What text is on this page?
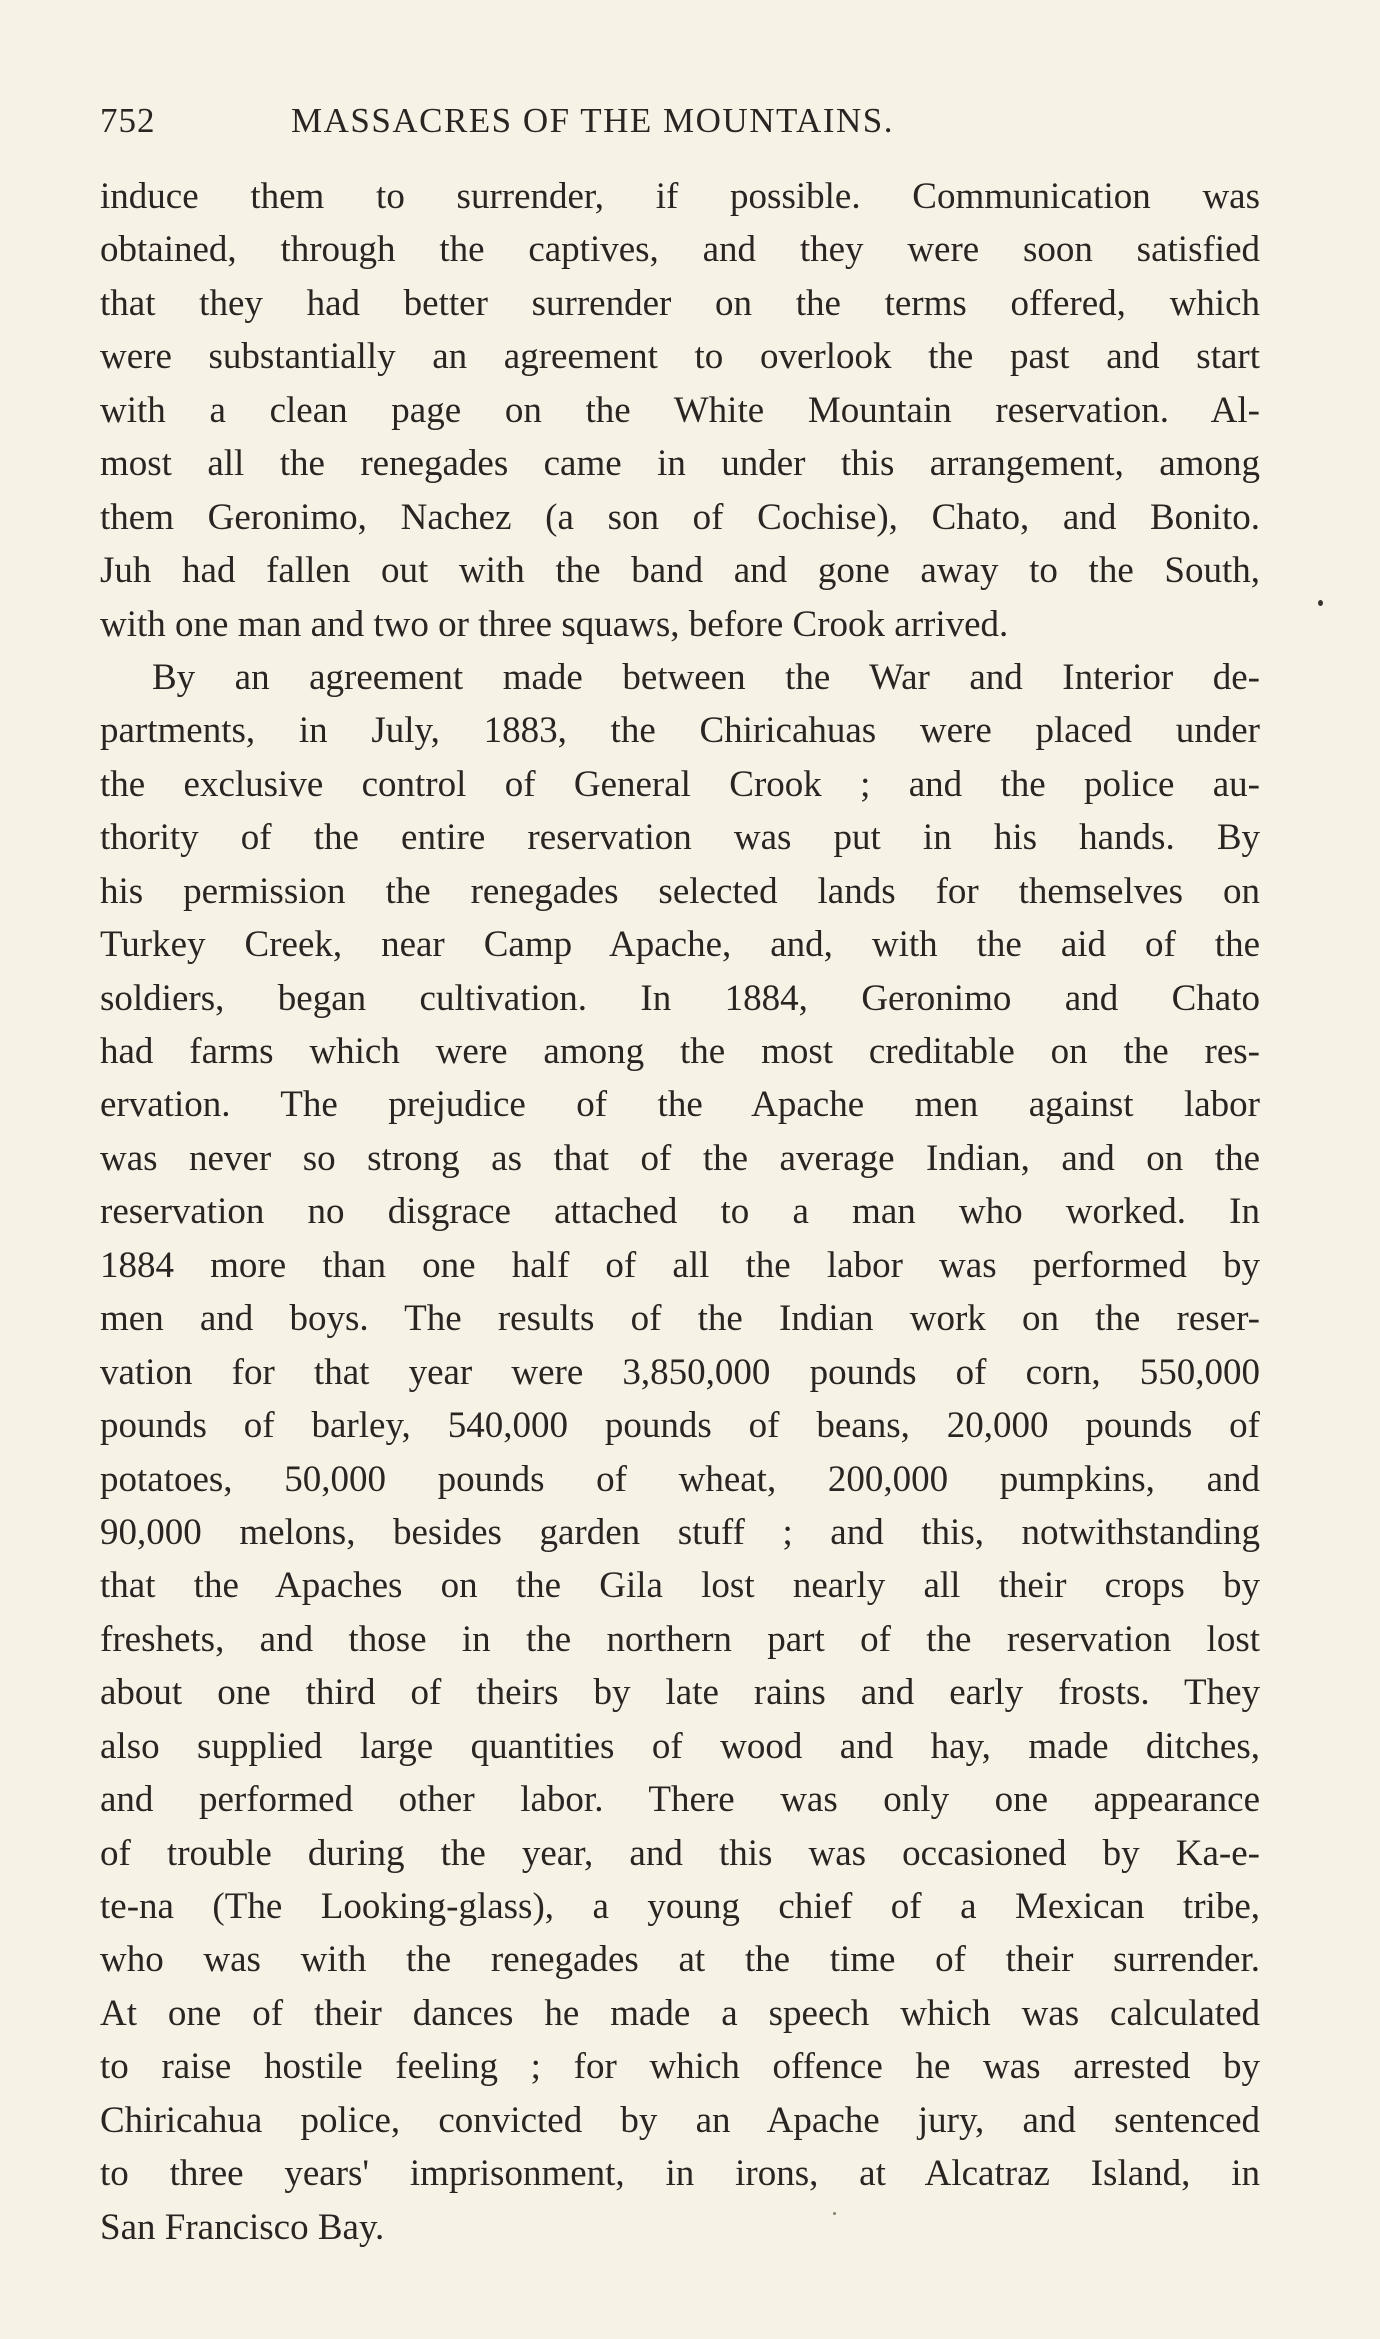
752	MASSACRES OF THE MOUNTAINS.
induce them to surrender, if possible. Communication was
obtained, through the captives, and they were soon satisfied
that they had better surrender on the terms offered, which
were substantially an agreement to overlook the past and start
with a clean page on the White Mountain reservation. Al-
most all the renegades came in under this arrangement, among
them Geronimo, Nachez (a son of Cochise), Chato, and Bonito.
Juh had fallen out with the band and gone away to the South,
with one man and two or three squaws, before Crook arrived.
By an agreement made between the War and Interior de-
partments, in July, 1883, the Chiricahuas were placed under
the exclusive control of General Crook ; and the police au-
thority of the entire reservation was put in his hands. By
his permission the renegades selected lands for themselves on
Turkey Creek, near Camp Apache, and, with the aid of the
soldiers, began cultivation. In 1884, Geronimo and Chato
had farms which were among the most creditable on the res-
ervation. The prejudice of the Apache men against labor
was never so strong as that of the average Indian, and on the
reservation no disgrace attached to a man who worked. In
1884 more than one half of all the labor was performed by
men and boys. The results of the Indian work on the reser-
vation for that year were 3,850,000 pounds of corn, 550,000
pounds of barley, 540,000 pounds of beans, 20,000 pounds of
potatoes, 50,000 pounds of wheat, 200,000 pumpkins, and
90,000 melons, besides garden stuff ; and this, notwithstanding
that the Apaches on the Gila lost nearly all their crops by
freshets, and those in the northern part of the reservation lost
about one third of theirs by late rains and early frosts. They
also supplied large quantities of wood and hay, made ditches,
and performed other labor. There was only one appearance
of trouble during the year, and this was occasioned by Ka-e-
te-na (The Looking-glass), a young chief of a Mexican tribe,
who was with the renegades at the time of their surrender.
At one of their dances he made a speech which was calculated
to raise hostile feeling ; for which offence he was arrested by
Chiricahua police, convicted by an Apache jury, and sentenced
to three years' imprisonment, in irons, at Alcatraz Island, in
San Francisco Bay.
